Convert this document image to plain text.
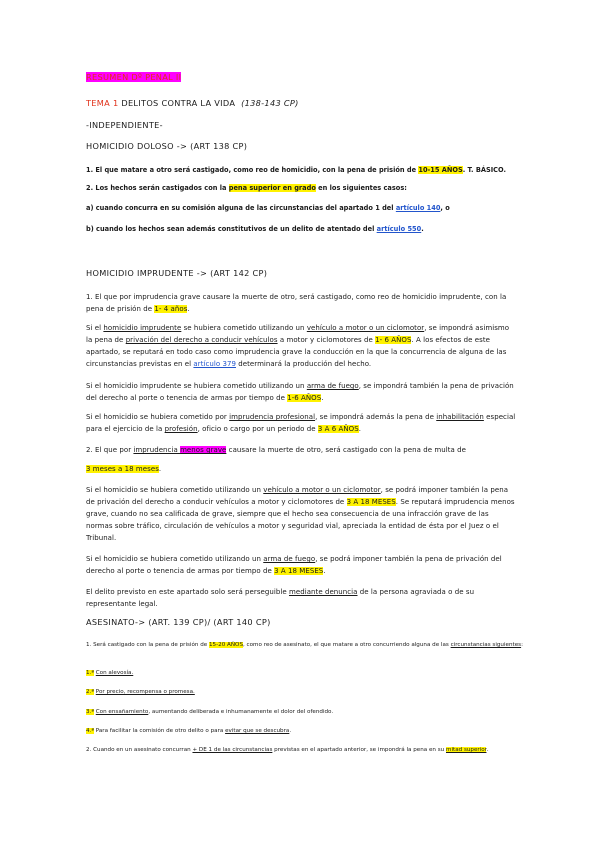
RESUMEN Dº PENAL II
TEMA 1 DELITOS CONTRA LA VIDA (138-143 CP)
-INDEPENDIENTE-
HOMICIDIO DOLOSO -> (ART 138 CP)
1. El que matare a otro será castigado, como reo de homicidio, con la pena de prisión de 10-15 AÑOS. T. BÁSICO.
2. Los hechos serán castigados con la pena superior en grado en los siguientes casos:
a) cuando concurra en su comisión alguna de las circunstancias del apartado 1 del artículo 140, o
b) cuando los hechos sean además constitutivos de un delito de atentado del artículo 550.
HOMICIDIO IMPRUDENTE -> (ART 142 CP)
1. El que por imprudencia grave causare la muerte de otro, será castigado, como reo de homicidio imprudente, con la pena de prisión de 1- 4 años.
Si el homicidio imprudente se hubiera cometido utilizando un vehículo a motor o un ciclomotor, se impondrá asimismo la pena de privación del derecho a conducir vehículos a motor y ciclomotores de 1- 6 AÑOS. A los efectos de este apartado, se reputará en todo caso como imprudencia grave la conducción en la que la concurrencia de alguna de las circunstancias previstas en el artículo 379 determinará la producción del hecho.
Si el homicidio imprudente se hubiera cometido utilizando un arma de fuego, se impondrá también la pena de privación del derecho al porte o tenencia de armas por tiempo de 1-6 AÑOS.
Si el homicidio se hubiera cometido por imprudencia profesional, se impondrá además la pena de inhabilitación especial para el ejercicio de la profesión, oficio o cargo por un periodo de 3 A 6 AÑOS.
2. El que por imprudencia menos grave causare la muerte de otro, será castigado con la pena de multa de
3 meses a 18 meses.
Si el homicidio se hubiera cometido utilizando un vehículo a motor o un ciclomotor, se podrá imponer también la pena de privación del derecho a conducir vehículos a motor y ciclomotores de 3 A 18 MESES. Se reputará imprudencia menos grave, cuando no sea calificada de grave, siempre que el hecho sea consecuencia de una infracción grave de las normas sobre tráfico, circulación de vehículos a motor y seguridad vial, apreciada la entidad de ésta por el Juez o el Tribunal.
Si el homicidio se hubiera cometido utilizando un arma de fuego, se podrá imponer también la pena de privación del derecho al porte o tenencia de armas por tiempo de 3 A 18 MESES.
El delito previsto en este apartado solo será perseguible mediante denuncia de la persona agraviada o de su representante legal.
ASESINATO-> (ART. 139 CP)/ (ART 140 CP)
1. Será castigado con la pena de prisión de 15-20 AÑOS, como reo de asesinato, el que matare a otro concurriendo alguna de las circunstancias siguientes:
1.ª Con alevosía.
2.ª Por precio, recompensa o promesa.
3.ª Con ensañamiento, aumentando deliberada e inhumanamente el dolor del ofendido.
4.ª Para facilitar la comisión de otro delito o para evitar que se descubra.
2. Cuando en un asesinato concurran + DE 1 de las circunstancias previstas en el apartado anterior, se impondrá la pena en su mitad superior.
